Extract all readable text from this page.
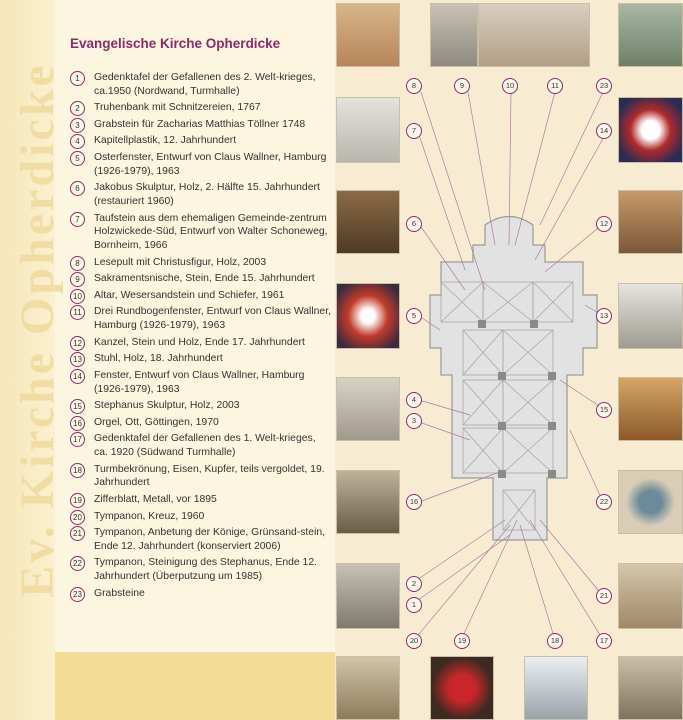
Ev. Kirche Opherdicke
Evangelische Kirche Opherdicke
1	Gedenktafel der Gefallenen des 2. Welt-krieges, ca.1950 (Nordwand, Turmhalle)
2	Truhenbank mit Schnitzereien, 1767
3	Grabstein für Zacharias Matthias Töllner 1748
4	Kapitellplastik, 12. Jahrhundert
5	Osterfenster, Entwurf von Claus Wallner, Hamburg (1926-1979), 1963
6	Jakobus Skulptur, Holz, 2. Hälfte 15. Jahrhundert (restauriert 1960)
7	Taufstein aus dem ehemaligen Gemeinde-zentrum Holzwickede-Süd, Entwurf von Walter Schoneweg, Bornheim, 1966
8	Lesepult mit Christusfigur, Holz, 2003
9	Sakramentsnische, Stein, Ende 15. Jahrhundert
10 Altar, Wesersandstein und Schiefer, 1961
11	Drei Rundbogenfenster, Entwurf von Claus Wallner, Hamburg (1926-1979), 1963
12 Kanzel, Stein und Holz, Ende 17. Jahrhundert
13 Stuhl, Holz, 18. Jahrhundert
14 Fenster, Entwurf von Claus Wallner, Hamburg (1926-1979), 1963
15 Stephanus Skulptur, Holz, 2003
16 Orgel, Ott, Göttingen, 1970
17 Gedenktafel der Gefallenen des 1. Welt-krieges, ca. 1920 (Südwand Turmhalle)
18 Turmbekrönung, Eisen, Kupfer, teils vergoldet, 19. Jahrhundert
19 Zifferblatt, Metall, vor 1895
20 Tympanon, Kreuz, 1960
21 Tympanon, Anbetung der Könige, Grünsand-stein, Ende 12. Jahrhundert (konserviert 2006)
22 Tympanon, Steinigung des Stephanus, Ende 12. Jahrhundert (Überputzung um 1985)
23 Grabsteine
8	9	10	11	23
7	14
6	12
5	13
4
3
15
16	22
2
1
21
20	19	18	17
